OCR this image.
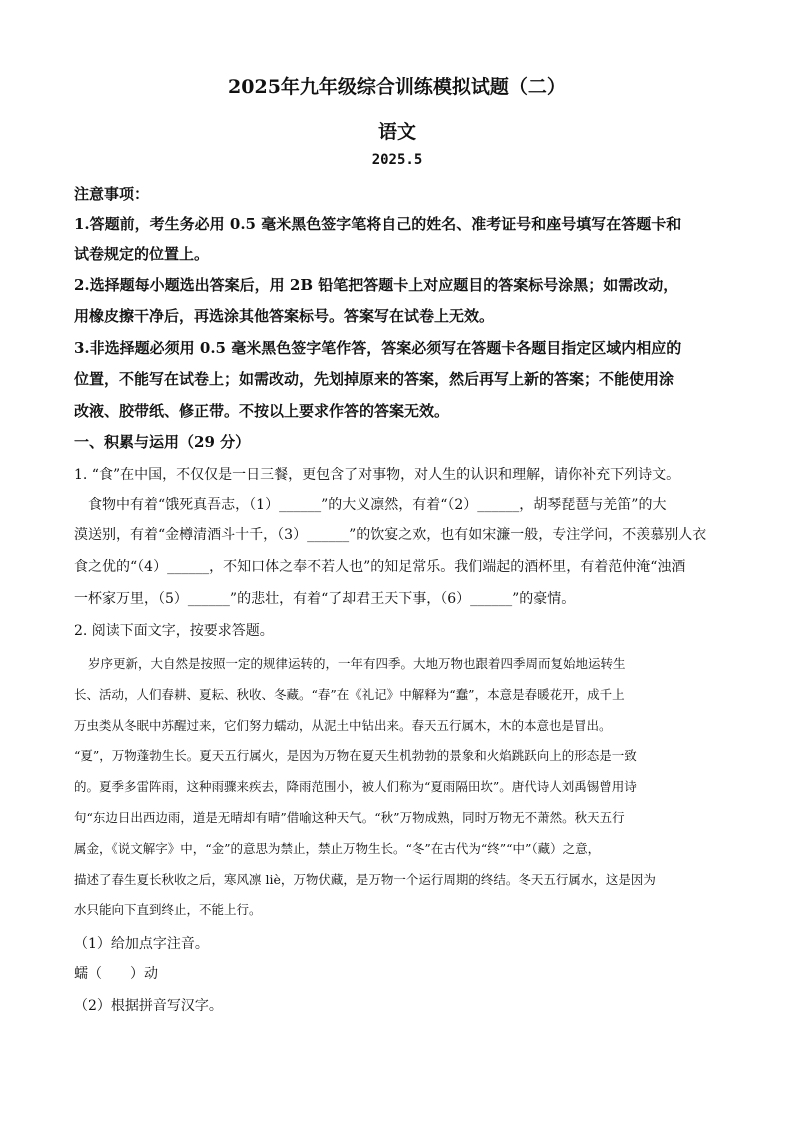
2025年九年级综合训练模拟试题（二）
语文
2025.5
注意事项：
1.答题前，考生务必用 0.5 毫米黑色签字笔将自己的姓名、准考证号和座号填写在答题卡和
试卷规定的位置上。
2.选择题每小题选出答案后，用 2B 铅笔把答题卡上对应题目的答案标号涂黑；如需改动，
用橡皮擦干净后，再选涂其他答案标号。答案写在试卷上无效。
3.非选择题必须用 0.5 毫米黑色签字笔作答，答案必须写在答题卡各题目指定区域内相应的
位置，不能写在试卷上；如需改动，先划掉原来的答案，然后再写上新的答案；不能使用涂
改液、胶带纸、修正带。不按以上要求作答的答案无效。
一、积累与运用（29 分）
1. “食”在中国，不仅仅是一日三餐，更包含了对事物，对人生的认识和理解，请你补充下列诗文。
食物中有着“饿死真吾志，（1）______”的大义凛然，有着“（2）______，胡琴琵琶与羌笛”的大
漠送别，有着“金樽清酒斗十千，（3）______”的饮宴之欢，也有如宋濂一般，专注学问，不羡慕别人衣
食之优的“（4）______，不知口体之奉不若人也”的知足常乐。我们端起的酒杯里，有着范仲淹“浊酒
一杯家万里，（5）______”的悲壮，有着“了却君王天下事，（6）______”的豪情。
2. 阅读下面文字，按要求答题。
岁序更新，大自然是按照一定的规律运转的，一年有四季。大地万物也跟着四季周而复始地运转生
长、活动，人们春耕、夏耘、秋收、冬藏。“春”在《礼记》中解释为“蠢”，本意是春暖花开，成千上
万虫类从冬眠中苏醒过来，它们努力蠕动，从泥土中钻出来。春天五行属木，木的本意也是冒出。
“夏”，万物蓬勃生长。夏天五行属火，是因为万物在夏天生机勃勃的景象和火焰跳跃向上的形态是一致
的。夏季多雷阵雨，这种雨骤来疾去，降雨范围小，被人们称为“夏雨隔田坎”。唐代诗人刘禹锡曾用诗
句“东边日出西边雨，道是无晴却有晴”借喻这种天气。“秋”万物成熟，同时万物无不萧然。秋天五行
属金，《说文解字》中，“金”的意思为禁止，禁止万物生长。“冬”在古代为“终”“中”（藏）之意，
描述了春生夏长秋收之后，寒风凛 liè，万物伏藏，是万物一个运行周期的终结。冬天五行属水，这是因为
水只能向下直到终止，不能上行。
（1）给加点字注音。
蠕（　　）动
（2）根据拼音写汉字。
